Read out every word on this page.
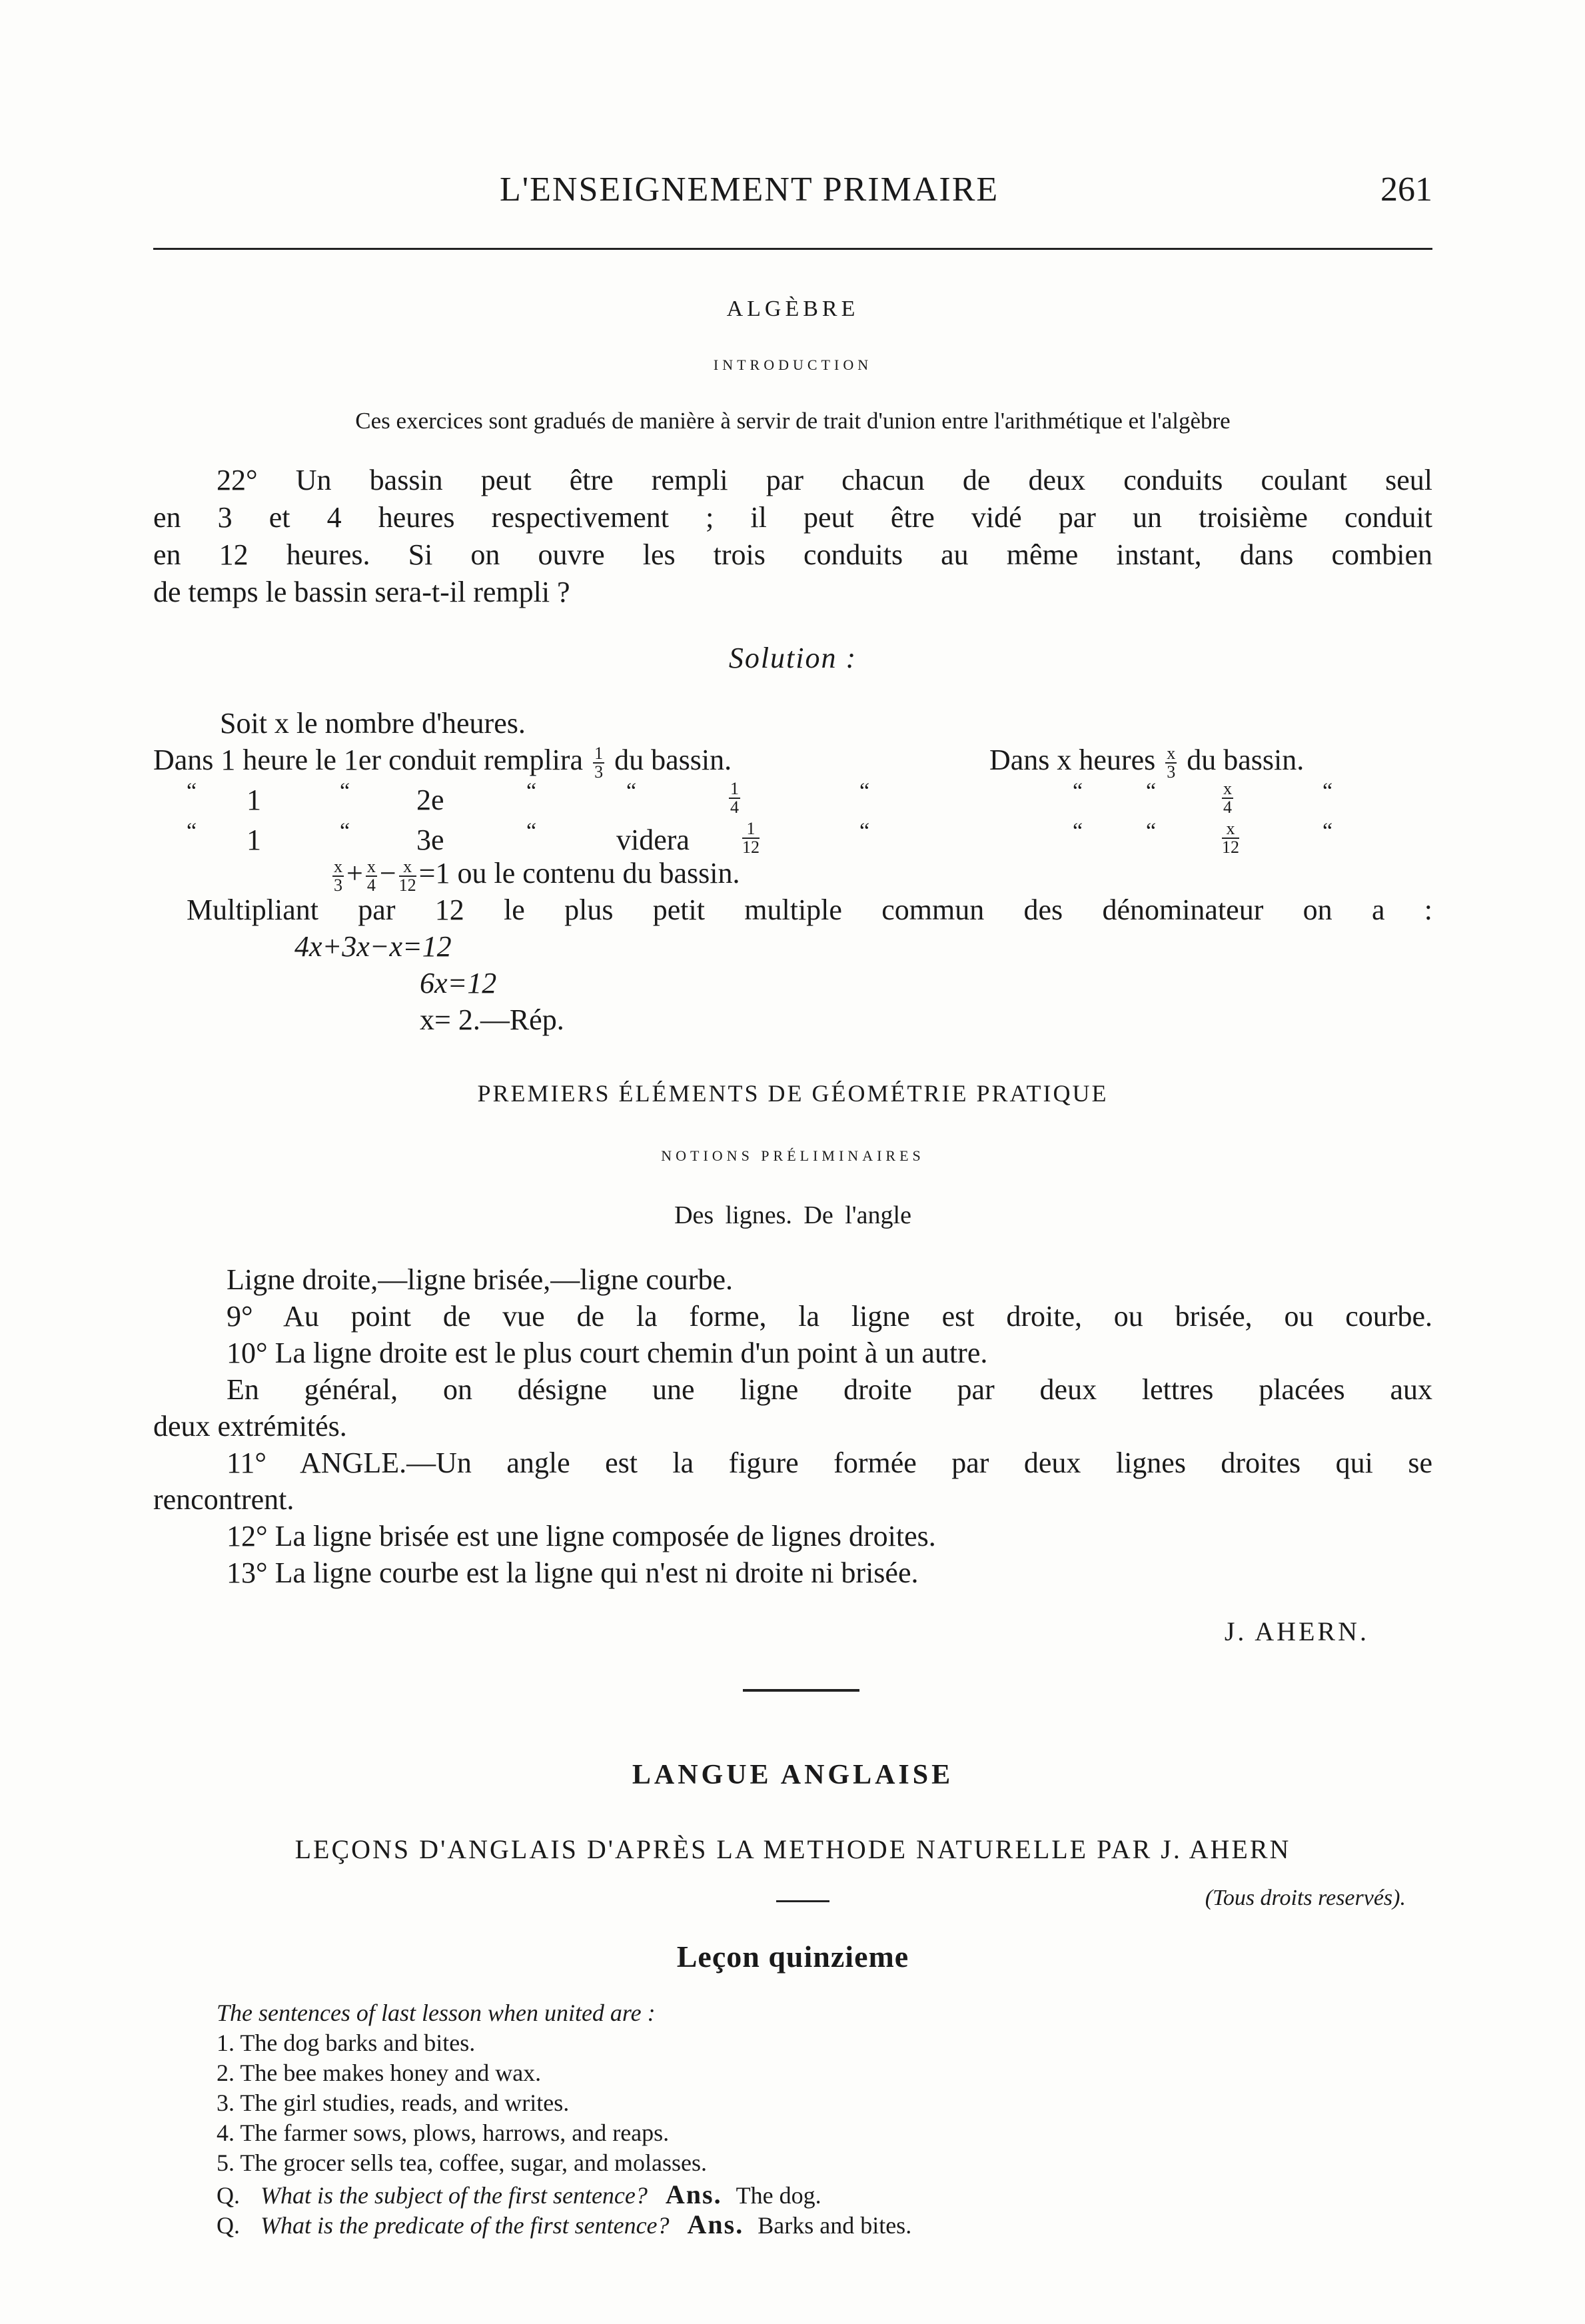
L'ENSEIGNEMENT PRIMAIRE	261
ALGÈBRE
INTRODUCTION
Ces exercices sont gradués de manière à servir de trait d'union entre l'arithmétique et l'algèbre
22° Un bassin peut être rempli par chacun de deux conduits coulant seul
en 3 et 4 heures respectivement ; il peut être vidé par un troisième conduit
en 12 heures. Si on ouvre les trois conduits au même instant, dans combien
de temps le bassin sera-t-il rempli ?
Solution :
Soit x le nombre d'heures.
Dans 1 heure le 1er conduit remplira $\frac{1}{3}$ du bassin.	Dans x heures $\frac{x}{3}$ du bassin.
“ 1	“ 2e	“	“	$\frac{1}{4}$	“	“	“	$\frac{x}{4}$	“
“ 1	“ 3e	“	videra	$\frac{1}{12}$	“	“	“	$\frac{x}{12}$	“
$\frac{x}{3} + \frac{x}{4} - \frac{x}{12} =1$ ou le contenu du bassin.
Multipliant par 12 le plus petit multiple commun des dénominateur on a :
4x+3x−x=12
6x=12
x= 2.—Rép.
PREMIERS ÉLÉMENTS DE GÉOMÉTRIE PRATIQUE
NOTIONS PRÉLIMINAIRES
Des lignes. De l'angle
Ligne droite,—ligne brisée,—ligne courbe.
9° Au point de vue de la forme, la ligne est droite, ou brisée, ou courbe.
10° La ligne droite est le plus court chemin d'un point à un autre.
En général, on désigne une ligne droite par deux lettres placées aux
deux extrémités.
11° ANGLE.—Un angle est la figure formée par deux lignes droites qui se
rencontrent.
12° La ligne brisée est une ligne composée de lignes droites.
13° La ligne courbe est la ligne qui n'est ni droite ni brisée.
J. AHERN.
LANGUE ANGLAISE
LEÇONS D'ANGLAIS D'APRÈS LA METHODE NATURELLE PAR J. AHERN
(Tous droits reservés).
Leçon quinzieme
The sentences of last lesson when united are :
1. The dog barks and bites.
2. The bee makes honey and wax.
3. The girl studies, reads, and writes.
4. The farmer sows, plows, harrows, and reaps.
5. The grocer sells tea, coffee, sugar, and molasses.
Q. What is the subject of the first sentence? Ans. The dog.
Q. What is the predicate of the first sentence? Ans. Barks and bites.
